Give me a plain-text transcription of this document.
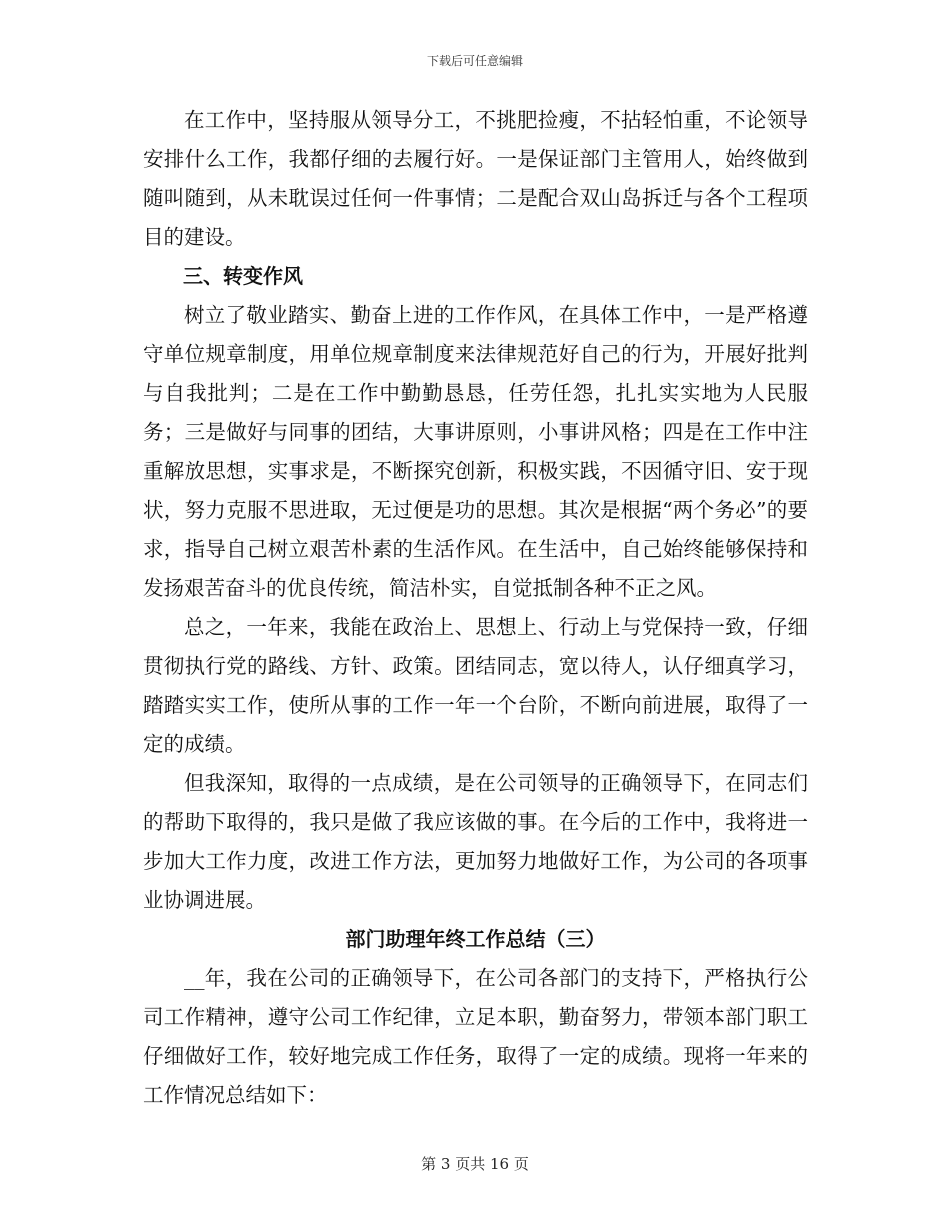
下载后可任意编辑

在工作中，坚持服从领导分工，不挑肥捡瘦，不拈轻怕重，不论领导安排什么工作，我都仔细的去履行好。一是保证部门主管用人，始终做到随叫随到，从未耽误过任何一件事情；二是配合双山岛拆迁与各个工程项目的建设。

三、转变作风

树立了敬业踏实、勤奋上进的工作作风，在具体工作中，一是严格遵守单位规章制度，用单位规章制度来法律规范好自己的行为，开展好批判与自我批判；二是在工作中勤勤恳恳，任劳任怨，扎扎实实地为人民服务；三是做好与同事的团结，大事讲原则，小事讲风格；四是在工作中注重解放思想，实事求是，不断探究创新，积极实践，不因循守旧、安于现状，努力克服不思进取，无过便是功的思想。其次是根据“两个务必”的要求，指导自己树立艰苦朴素的生活作风。在生活中，自己始终能够保持和发扬艰苦奋斗的优良传统，简洁朴实，自觉抵制各种不正之风。

总之，一年来，我能在政治上、思想上、行动上与党保持一致，仔细贯彻执行党的路线、方针、政策。团结同志，宽以待人，认仔细真学习，踏踏实实工作，使所从事的工作一年一个台阶，不断向前进展，取得了一定的成绩。

但我深知，取得的一点成绩，是在公司领导的正确领导下，在同志们的帮助下取得的，我只是做了我应该做的事。在今后的工作中，我将进一步加大工作力度，改进工作方法，更加努力地做好工作，为公司的各项事业协调进展。

部门助理年终工作总结（三）

__年，我在公司的正确领导下，在公司各部门的支持下，严格执行公司工作精神，遵守公司工作纪律，立足本职，勤奋努力，带领本部门职工仔细做好工作，较好地完成工作任务，取得了一定的成绩。现将一年来的工作情况总结如下：

第 3 页共 16 页
